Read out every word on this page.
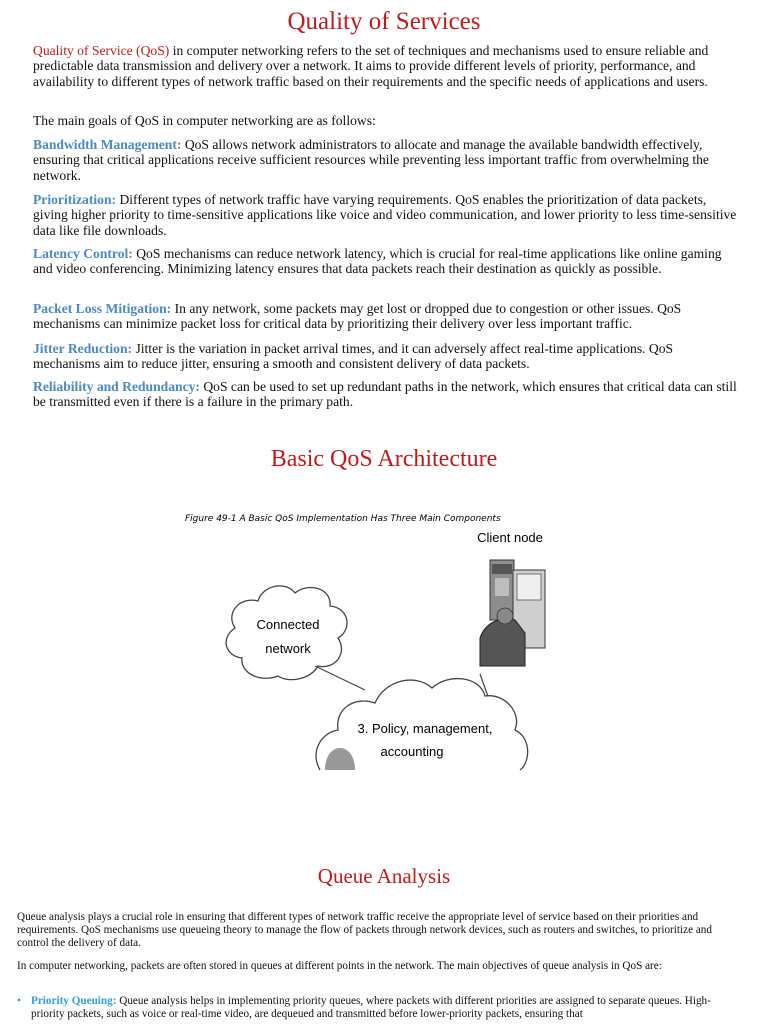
Quality of Services
Quality of Service (QoS) in computer networking refers to the set of techniques and mechanisms used to ensure reliable and predictable data transmission and delivery over a network. It aims to provide different levels of priority, performance, and availability to different types of network traffic based on their requirements and the specific needs of applications and users.
The main goals of QoS in computer networking are as follows:
Bandwidth Management: QoS allows network administrators to allocate and manage the available bandwidth effectively, ensuring that critical applications receive sufficient resources while preventing less important traffic from overwhelming the network.
Prioritization: Different types of network traffic have varying requirements. QoS enables the prioritization of data packets, giving higher priority to time-sensitive applications like voice and video communication, and lower priority to less time-sensitive data like file downloads.
Latency Control: QoS mechanisms can reduce network latency, which is crucial for real-time applications like online gaming and video conferencing. Minimizing latency ensures that data packets reach their destination as quickly as possible.
Packet Loss Mitigation: In any network, some packets may get lost or dropped due to congestion or other issues. QoS mechanisms can minimize packet loss for critical data by prioritizing their delivery over less important traffic.
Jitter Reduction: Jitter is the variation in packet arrival times, and it can adversely affect real-time applications. QoS mechanisms aim to reduce jitter, ensuring a smooth and consistent delivery of data packets.
Reliability and Redundancy: QoS can be used to set up redundant paths in the network, which ensures that critical data can still be transmitted even if there is a failure in the primary path.
Basic QoS Architecture
Figure 49-1 A Basic QoS Implementation Has Three Main Components
Connected
network
3. Policy, management,
accounting
Client node
Queue Analysis
Queue analysis plays a crucial role in ensuring that different types of network traffic receive the appropriate level of service based on their priorities and requirements. QoS mechanisms use queueing theory to manage the flow of packets through network devices, such as routers and switches, to prioritize and control the delivery of data.
In computer networking, packets are often stored in queues at different points in the network. The main objectives of queue analysis in QoS are:
• Priority Queuing: Queue analysis helps in implementing priority queues, where packets with different priorities are assigned to separate queues. High-priority packets, such as voice or real-time video, are dequeued and transmitted before lower-priority packets, ensuring that
